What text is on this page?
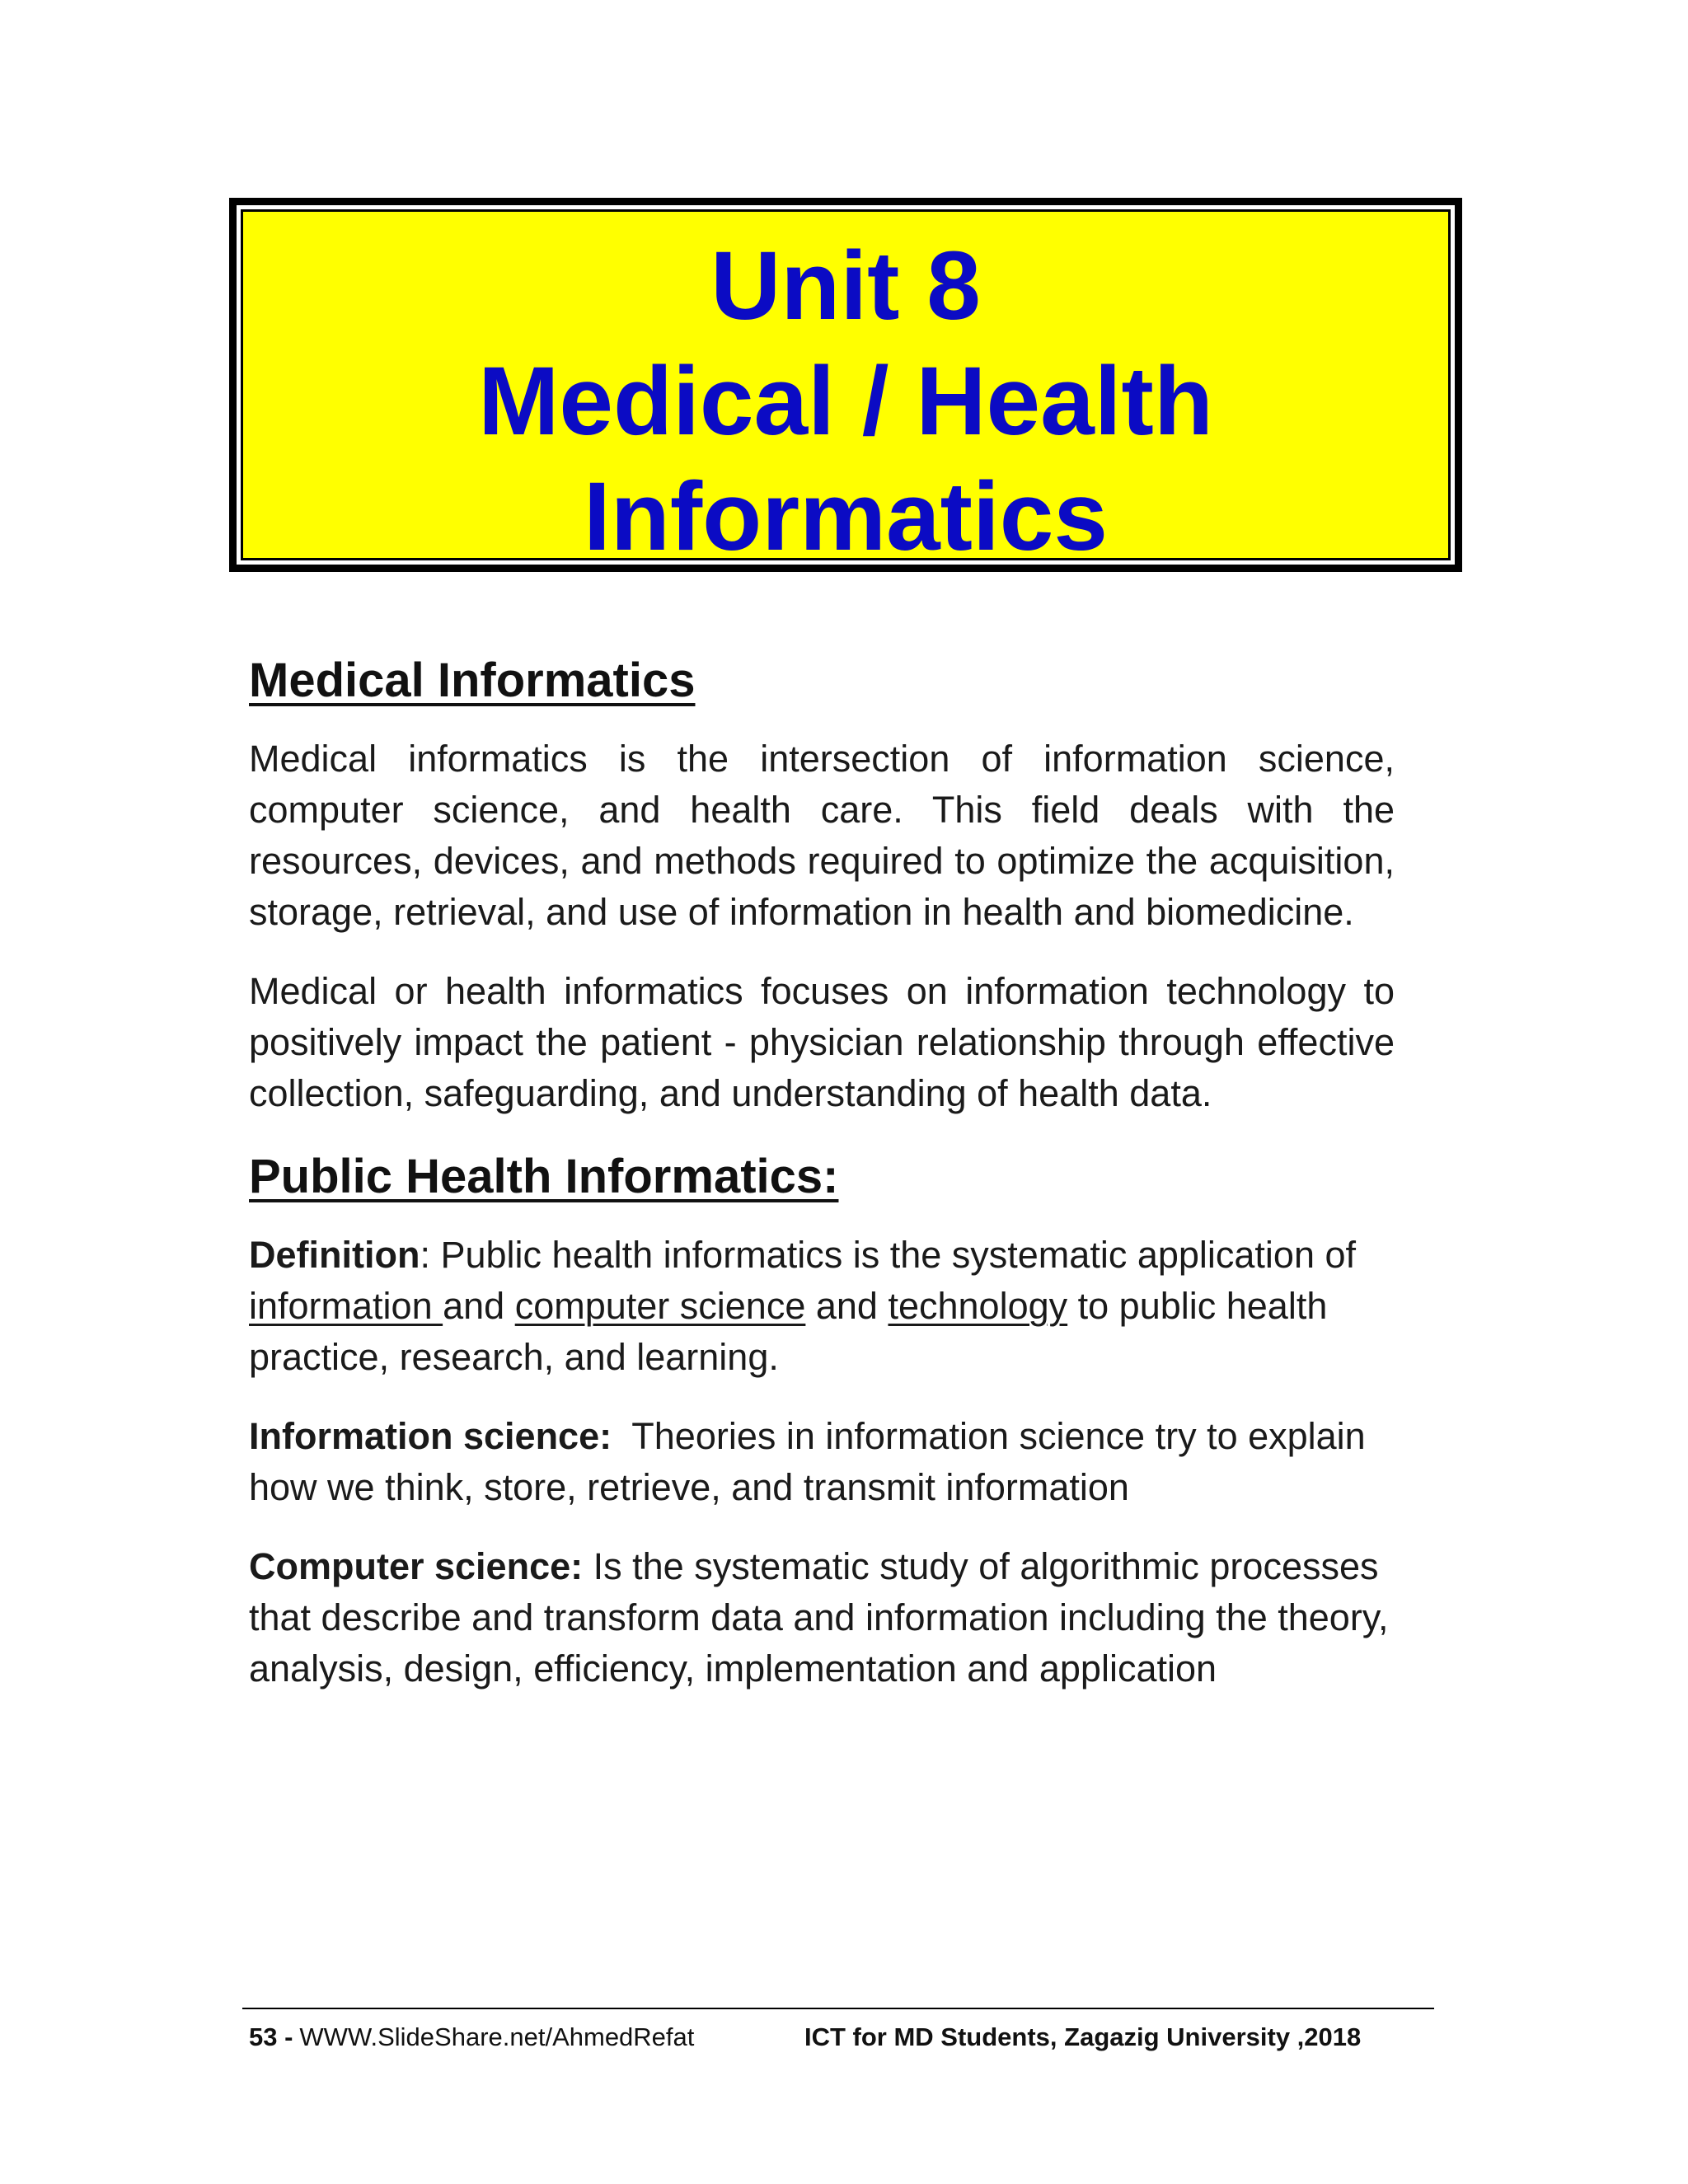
Unit 8
Medical / Health
Informatics
Medical Informatics

Medical informatics is the intersection of information science, computer science, and health care. This field deals with the resources, devices, and methods required to optimize the acquisition, storage, retrieval, and use of information in health and biomedicine.

Medical or health informatics focuses on information technology to positively impact the patient - physician relationship through effective collection, safeguarding, and understanding of health data.

Public Health Informatics:

Definition: Public health informatics is the systematic application of information and computer science and technology to public health practice, research, and learning.

Information science:  Theories in information science try to explain how we think, store, retrieve, and transmit information

Computer science: Is the systematic study of algorithmic processes that describe and transform data and information including the theory, analysis, design, efficiency, implementation and application

53 - WWW.SlideShare.net/AhmedRefat	ICT for MD Students, Zagazig University ,2018
